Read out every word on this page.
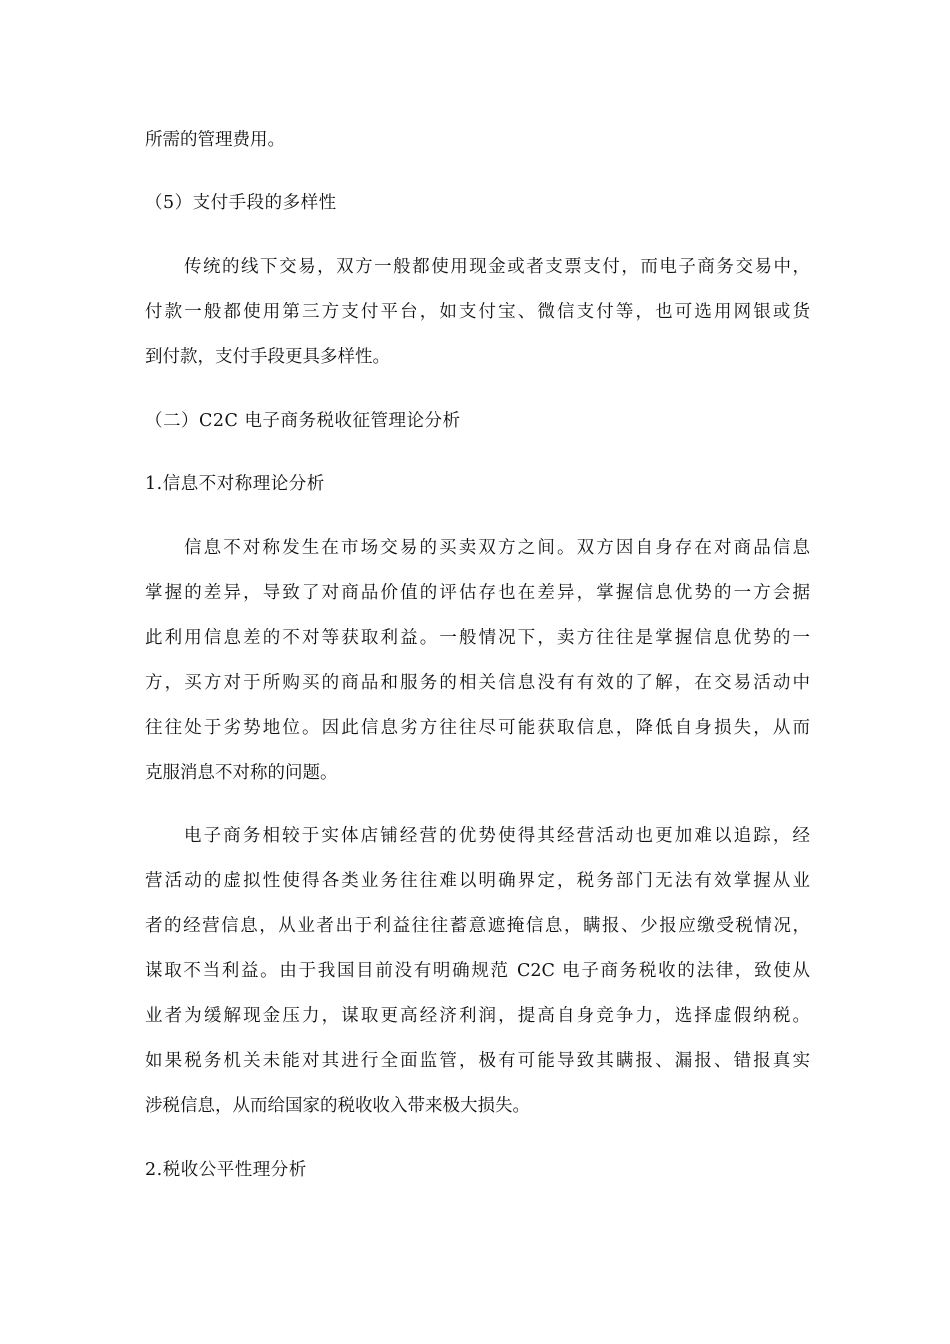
所需的管理费用。

（5）支付手段的多样性

传统的线下交易，双方一般都使用现金或者支票支付，而电子商务交易中，

付款一般都使用第三方支付平台，如支付宝、微信支付等，也可选用网银或货

到付款，支付手段更具多样性。

（二）C2C 电子商务税收征管理论分析

1.信息不对称理论分析

信息不对称发生在市场交易的买卖双方之间。双方因自身存在对商品信息

掌握的差异，导致了对商品价值的评估存也在差异，掌握信息优势的一方会据

此利用信息差的不对等获取利益。一般情况下，卖方往往是掌握信息优势的一

方，买方对于所购买的商品和服务的相关信息没有有效的了解，在交易活动中

往往处于劣势地位。因此信息劣方往往尽可能获取信息，降低自身损失，从而

克服消息不对称的问题。

电子商务相较于实体店铺经营的优势使得其经营活动也更加难以追踪，经

营活动的虚拟性使得各类业务往往难以明确界定，税务部门无法有效掌握从业

者的经营信息，从业者出于利益往往蓄意遮掩信息，瞒报、少报应缴受税情况，

谋取不当利益。由于我国目前没有明确规范 C2C 电子商务税收的法律，致使从

业者为缓解现金压力，谋取更高经济利润，提高自身竞争力，选择虚假纳税。

如果税务机关未能对其进行全面监管，极有可能导致其瞒报、漏报、错报真实

涉税信息，从而给国家的税收收入带来极大损失。

2.税收公平性理分析
